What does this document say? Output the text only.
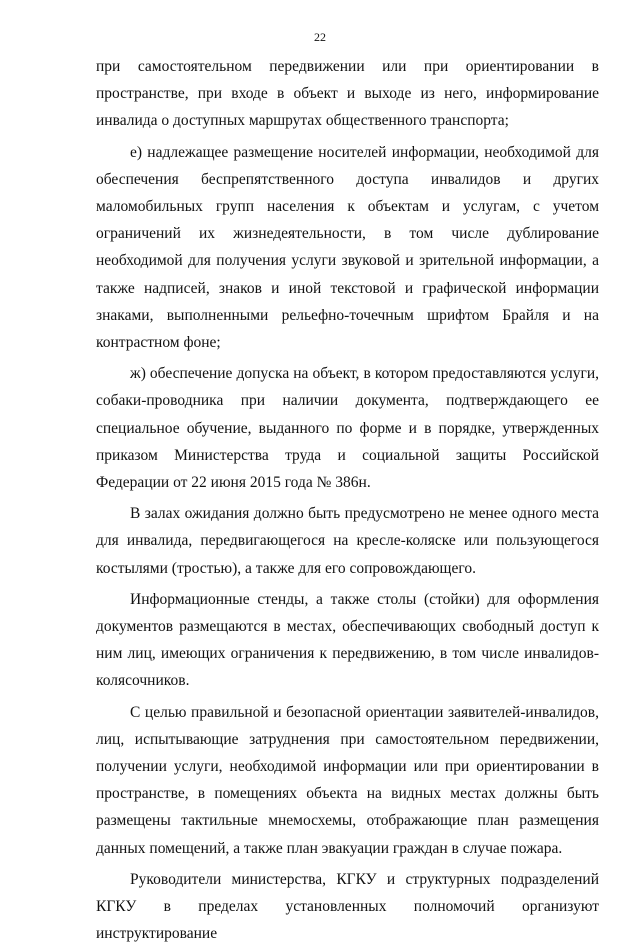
22

при самостоятельном передвижении или при ориентировании в пространстве, при входе в объект и выходе из него, информирование инвалида о доступных маршрутах общественного транспорта;

е) надлежащее размещение носителей информации, необходимой для обеспечения беспрепятственного доступа инвалидов и других маломобильных групп населения к объектам и услугам, с учетом ограничений их жизнедеятельности, в том числе дублирование необходимой для получения услуги звуковой и зрительной информации, а также надписей, знаков и иной текстовой и графической информации знаками, выполненными рельефно-точечным шрифтом Брайля и на контрастном фоне;

ж) обеспечение допуска на объект, в котором предоставляются услуги, собаки-проводника при наличии документа, подтверждающего ее специальное обучение, выданного по форме и в порядке, утвержденных приказом Министерства труда и социальной защиты Российской Федерации от 22 июня 2015 года № 386н.

В залах ожидания должно быть предусмотрено не менее одного места для инвалида, передвигающегося на кресле-коляске или пользующегося костылями (тростью), а также для его сопровождающего.

Информационные стенды, а также столы (стойки) для оформления документов размещаются в местах, обеспечивающих свободный доступ к ним лиц, имеющих ограничения к передвижению, в том числе инвалидов-колясочников.

С целью правильной и безопасной ориентации заявителей-инвалидов, лиц, испытывающие затруднения при самостоятельном передвижении, получении услуги, необходимой информации или при ориентировании в пространстве, в помещениях объекта на видных местах должны быть размещены тактильные мнемосхемы, отображающие план размещения данных помещений, а также план эвакуации граждан в случае пожара.

Руководители министерства, КГКУ и структурных подразделений КГКУ в пределах установленных полномочий организуют инструктирование
